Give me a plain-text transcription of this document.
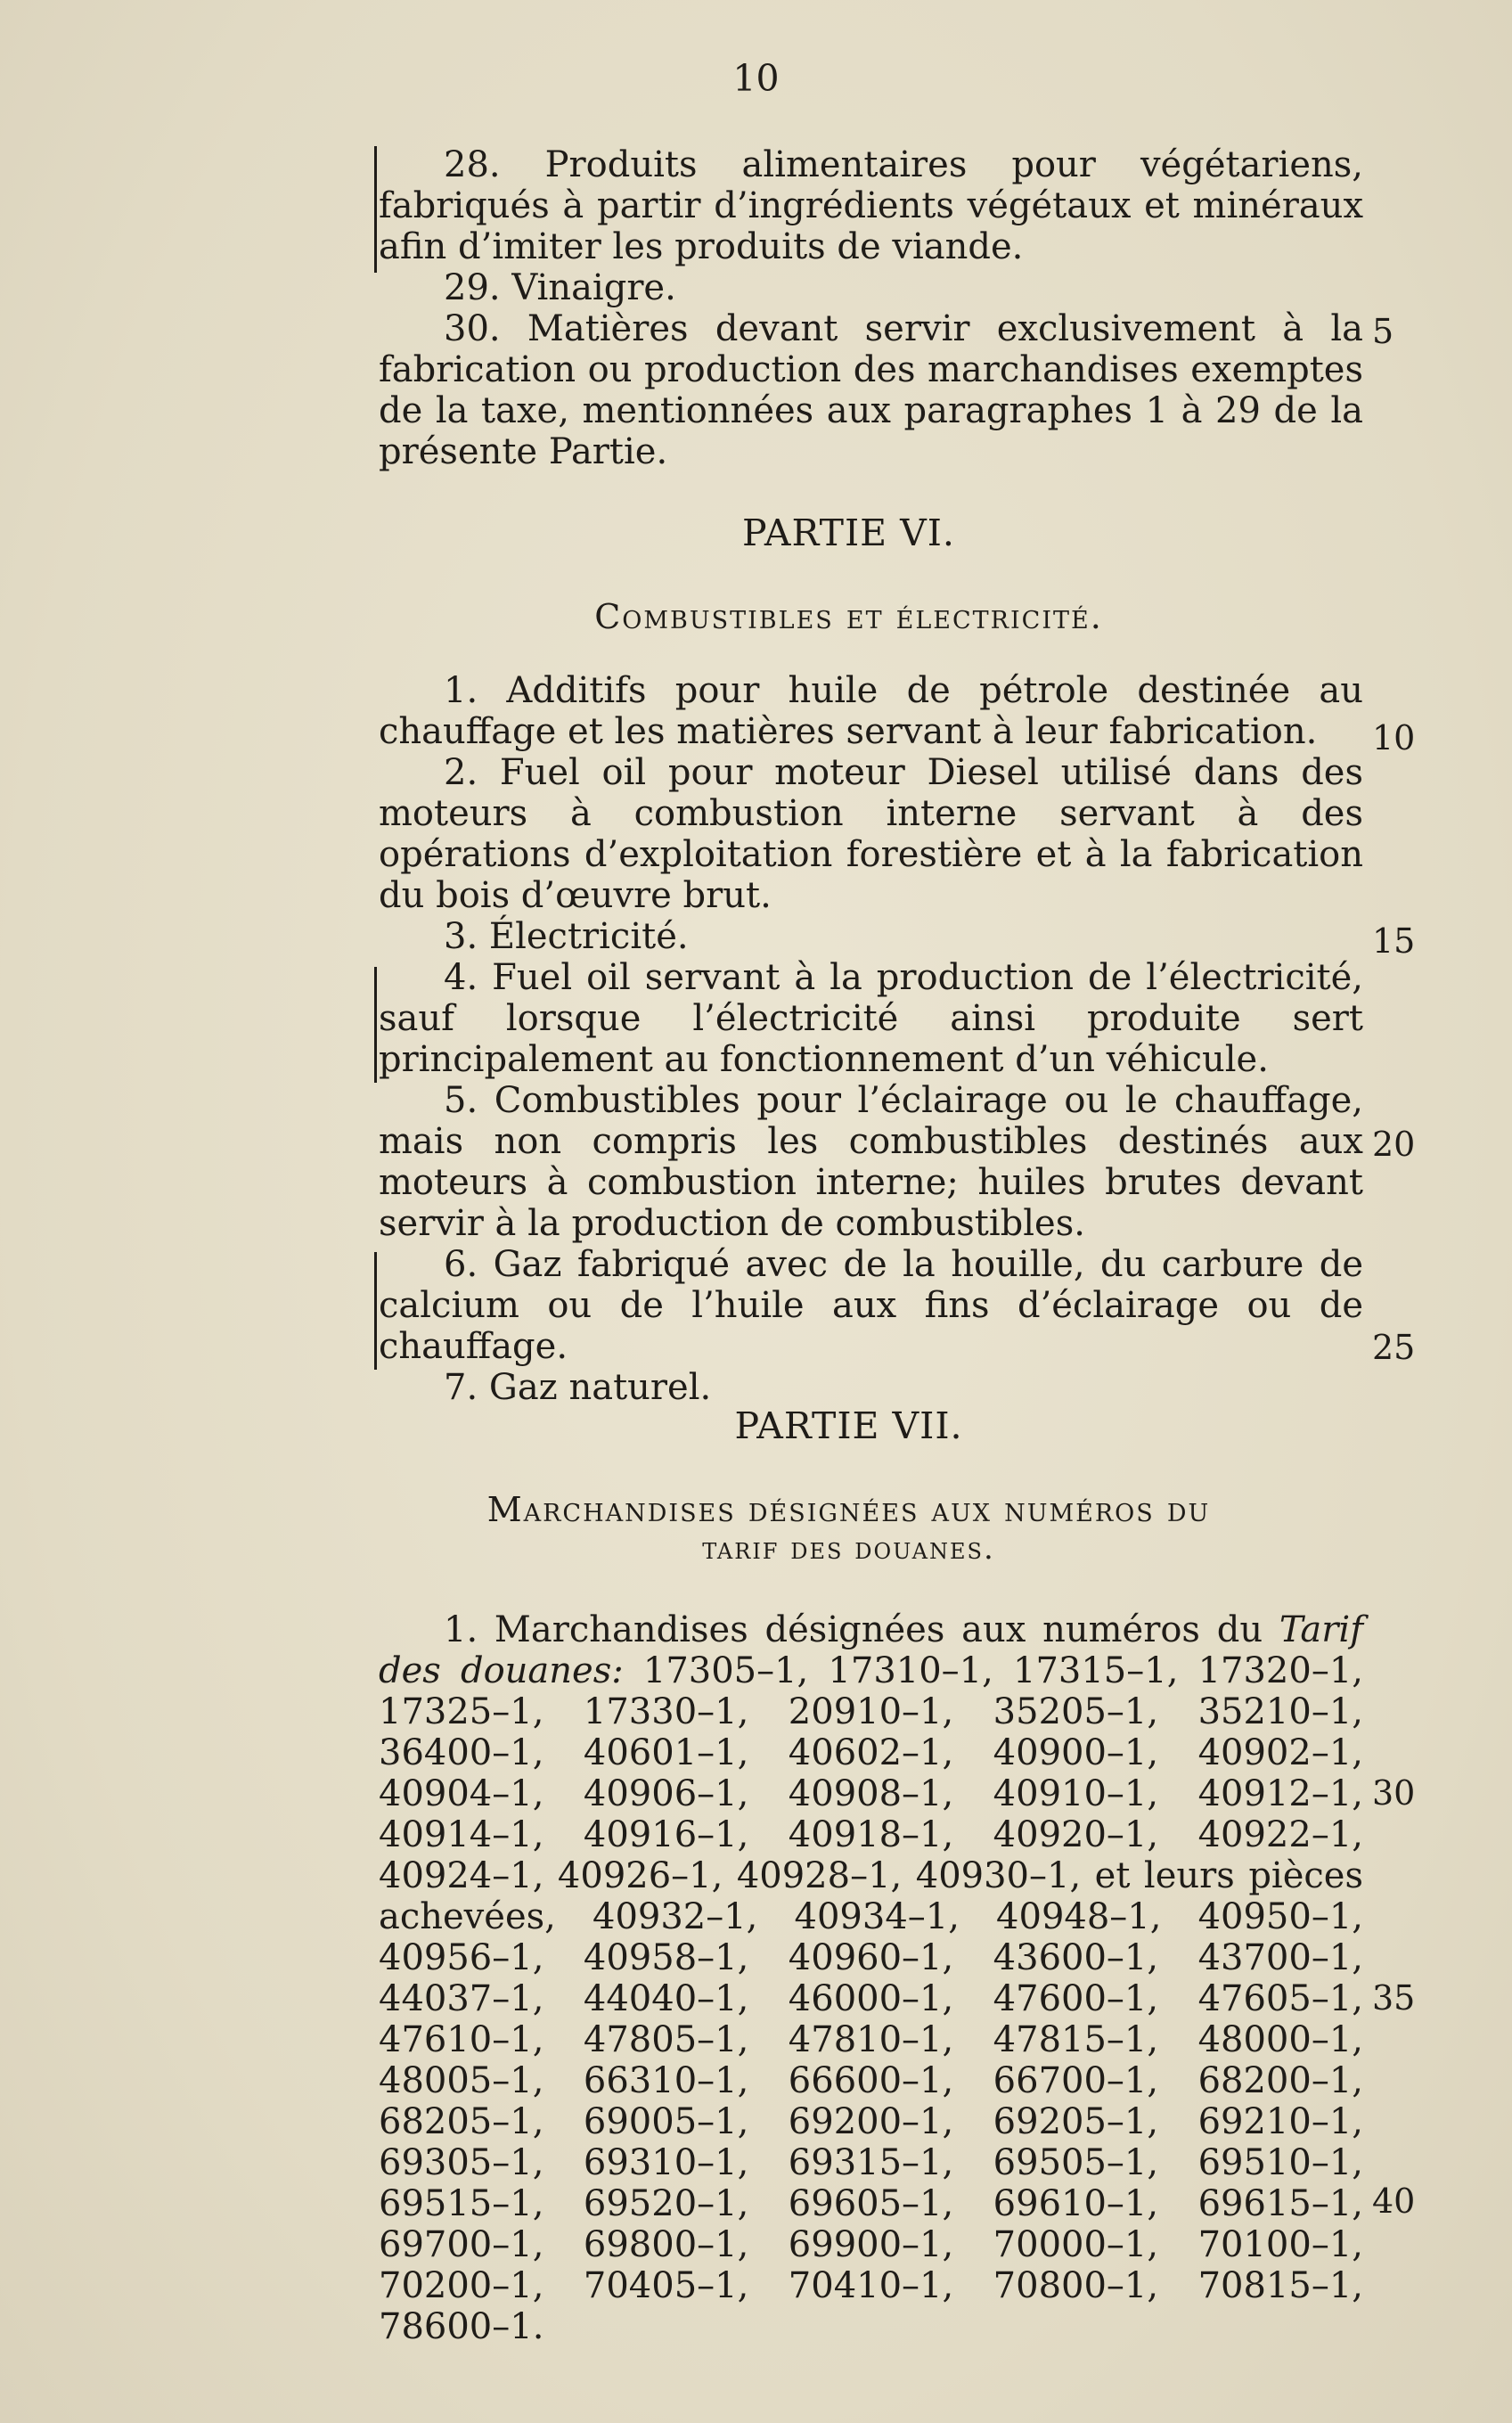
10

28. Produits alimentaires pour végétariens, fabriqués à partir d’ingrédients végétaux et minéraux afin d’imiter les produits de viande.

29. Vinaigre.

30. Matières devant servir exclusivement à la fabrication ou production des marchandises exemptes de la taxe, mentionnées aux paragraphes 1 à 29 de la présente Partie.

PARTIE VI.
Combustibles et électricité.

1. Additifs pour huile de pétrole destinée au chauffage et les matières servant à leur fabrication.

2. Fuel oil pour moteur Diesel utilisé dans des moteurs à combustion interne servant à des opérations d’exploitation forestière et à la fabrication du bois d’œuvre brut.

3. Électricité.

4. Fuel oil servant à la production de l’électricité, sauf lorsque l’électricité ainsi produite sert principalement au fonctionnement d’un véhicule.

5. Combustibles pour l’éclairage ou le chauffage, mais non compris les combustibles destinés aux moteurs à combustion interne; huiles brutes devant servir à la production de combustibles.

6. Gaz fabriqué avec de la houille, du carbure de calcium ou de l’huile aux fins d’éclairage ou de chauffage.

7. Gaz naturel.

PARTIE VII.
Marchandises désignées aux numéros du
tarif des douanes.

1. Marchandises désignées aux numéros du Tarif des douanes: 17305–1, 17310–1, 17315–1, 17320–1, 17325–1, 17330–1, 20910–1, 35205–1, 35210–1, 36400–1, 40601–1, 40602–1, 40900–1, 40902–1, 40904–1, 40906–1, 40908–1, 40910–1, 40912–1, 40914–1, 40916–1, 40918–1, 40920–1, 40922–1, 40924–1, 40926–1, 40928–1, 40930–1, et leurs pièces achevées, 40932–1, 40934–1, 40948–1, 40950–1, 40956–1, 40958–1, 40960–1, 43600–1, 43700–1, 44037–1, 44040–1, 46000–1, 47600–1, 47605–1, 47610–1, 47805–1, 47810–1, 47815–1, 48000–1, 48005–1, 66310–1, 66600–1, 66700–1, 68200–1, 68205–1, 69005–1, 69200–1, 69205–1, 69210–1, 69305–1, 69310–1, 69315–1, 69505–1, 69510–1, 69515–1, 69520–1, 69605–1, 69610–1, 69615–1, 69700–1, 69800–1, 69900–1, 70000–1, 70100–1, 70200–1, 70405–1, 70410–1, 70800–1, 70815–1, 78600–1.

5
10
15
20
25
30
35
40
